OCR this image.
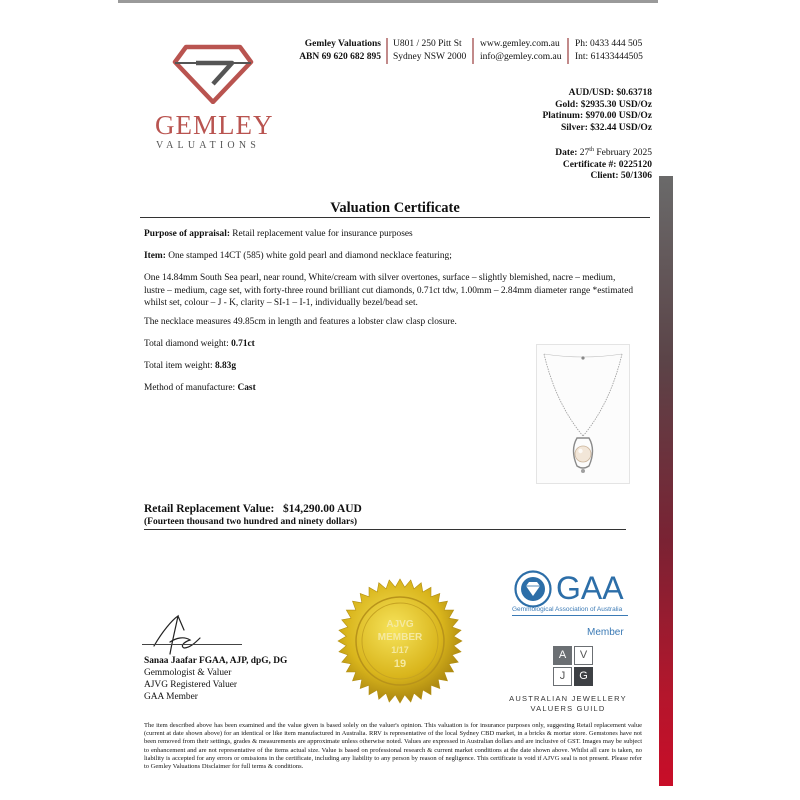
GEMLEY
VALUATIONS
Gemley Valuations
ABN 69 620 682 895
U801 / 250 Pitt St
Sydney NSW 2000
www.gemley.com.au
info@gemley.com.au
Ph: 0433 444 505
Int: 61433444505
AUD/USD: $0.63718
Gold: $2935.30 USD/Oz
Platinum: $970.00 USD/Oz
Silver: $32.44 USD/Oz
Date: 27th February 2025
Certificate #: 0225120
Client: 50/1306
Valuation Certificate
Purpose of appraisal: Retail replacement value for insurance purposes
Item: One stamped 14CT (585) white gold pearl and diamond necklace featuring;
One 14.84mm South Sea pearl, near round, White/cream with silver overtones, surface – slightly blemished, nacre – medium, lustre – medium, cage set, with forty-three round brilliant cut diamonds, 0.71ct tdw, 1.00mm – 2.84mm diameter range *estimated whilst set, colour – J - K, clarity – SI-1 – I-1, individually bezel/bead set.
The necklace measures 49.85cm in length and features a lobster claw clasp closure.
Total diamond weight: 0.71ct
Total item weight: 8.83g
Method of manufacture: Cast
Retail Replacement Value: $14,290.00 AUD
(Fourteen thousand two hundred and ninety dollars)
Sanaa Jaafar FGAA, AJP, dpG, DG
Gemmologist & Valuer
AJVG Registered Valuer
GAA Member
AJVG
MEMBER
1/17
19
GAA
Gemmological Association of Australia
Member
A	V
J	G
AUSTRALIAN JEWELLERY
VALUERS GUILD
The item described above has been examined and the value given is based solely on the valuer's opinion. This valuation is for insurance purposes only, suggesting Retail replacement value (current at date shown above) for an identical or like item manufactured in Australia. RRV is representative of the local Sydney CBD market, in a bricks & mortar store. Gemstones have not been removed from their settings, grades & measurements are approximate unless otherwise noted. Values are expressed in Australian dollars and are inclusive of GST. Images may be subject to enhancement and are not representative of the items actual size. Value is based on professional research & current market conditions at the date shown above. Whilst all care is taken, no liability is accepted for any errors or omissions in the certificate, including any liability to any person by reason of negligence. This certificate is void if AJVG seal is not present. Please refer to Gemley Valuations Disclaimer for full terms & conditions.
